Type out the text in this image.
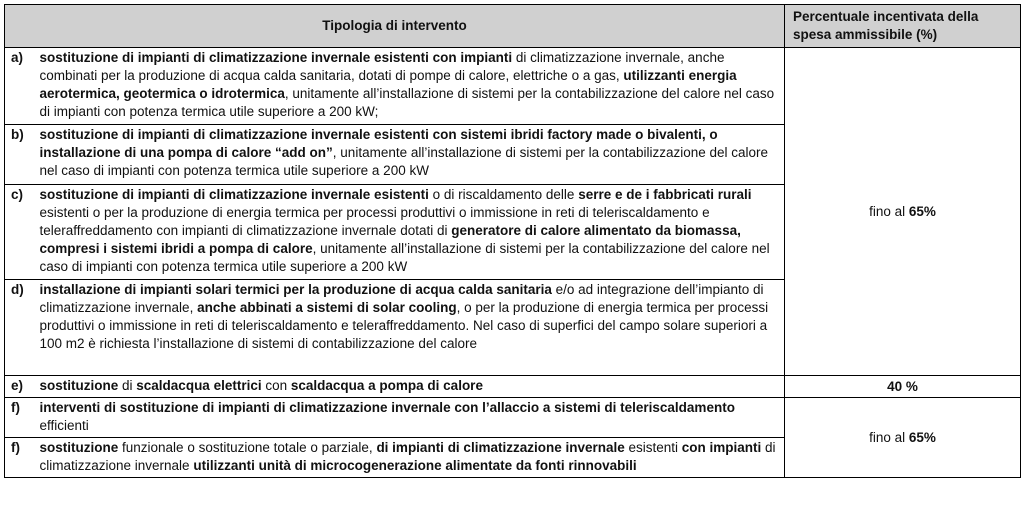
Tipologia di intervento		Percentuale incentivata della spesa ammissibile (%)
a)	sostituzione di impianti di climatizzazione invernale esistenti con impianti di climatizzazione invernale, anche combinati per la produzione di acqua calda sanitaria, dotati di pompe di calore, elettriche o a gas, utilizzanti energia aerotermica, geotermica o idrotermica, unitamente all’installazione di sistemi per la contabilizzazione del calore nel caso di impianti con potenza termica utile superiore a 200 kW;	fino al 65%
b)	sostituzione di impianti di climatizzazione invernale esistenti con sistemi ibridi factory made o bivalenti, o installazione di una pompa di calore “add on”, unitamente all’installazione di sistemi per la contabilizzazione del calore nel caso di impianti con potenza termica utile superiore a 200 kW	
c)	sostituzione di impianti di climatizzazione invernale esistenti o di riscaldamento delle serre e de i fabbricati rurali esistenti o per la produzione di energia termica per processi produttivi o immissione in reti di teleriscaldamento e teleraffreddamento con impianti di climatizzazione invernale dotati di generatore di calore alimentato da biomassa, compresi i sistemi ibridi a pompa di calore, unitamente all’installazione di sistemi per la contabilizzazione del calore nel caso di impianti con potenza termica utile superiore a 200 kW	
d)	installazione di impianti solari termici per la produzione di acqua calda sanitaria e/o ad integrazione dell’impianto di climatizzazione invernale, anche abbinati a sistemi di solar cooling, o per la produzione di energia termica per processi produttivi o immissione in reti di teleriscaldamento e teleraffreddamento. Nel caso di superfici del campo solare superiori a 100 m2 è richiesta l’installazione di sistemi di contabilizzazione del calore	
e)	sostituzione di scaldacqua elettrici con scaldacqua a pompa di calore	40 %
f)	interventi di sostituzione di impianti di climatizzazione invernale con l’allaccio a sistemi di teleriscaldamento efficienti	fino al 65%
f)	sostituzione funzionale o sostituzione totale o parziale, di impianti di climatizzazione invernale esistenti con impianti di climatizzazione invernale utilizzanti unità di microcogenerazione alimentate da fonti rinnovabili	
